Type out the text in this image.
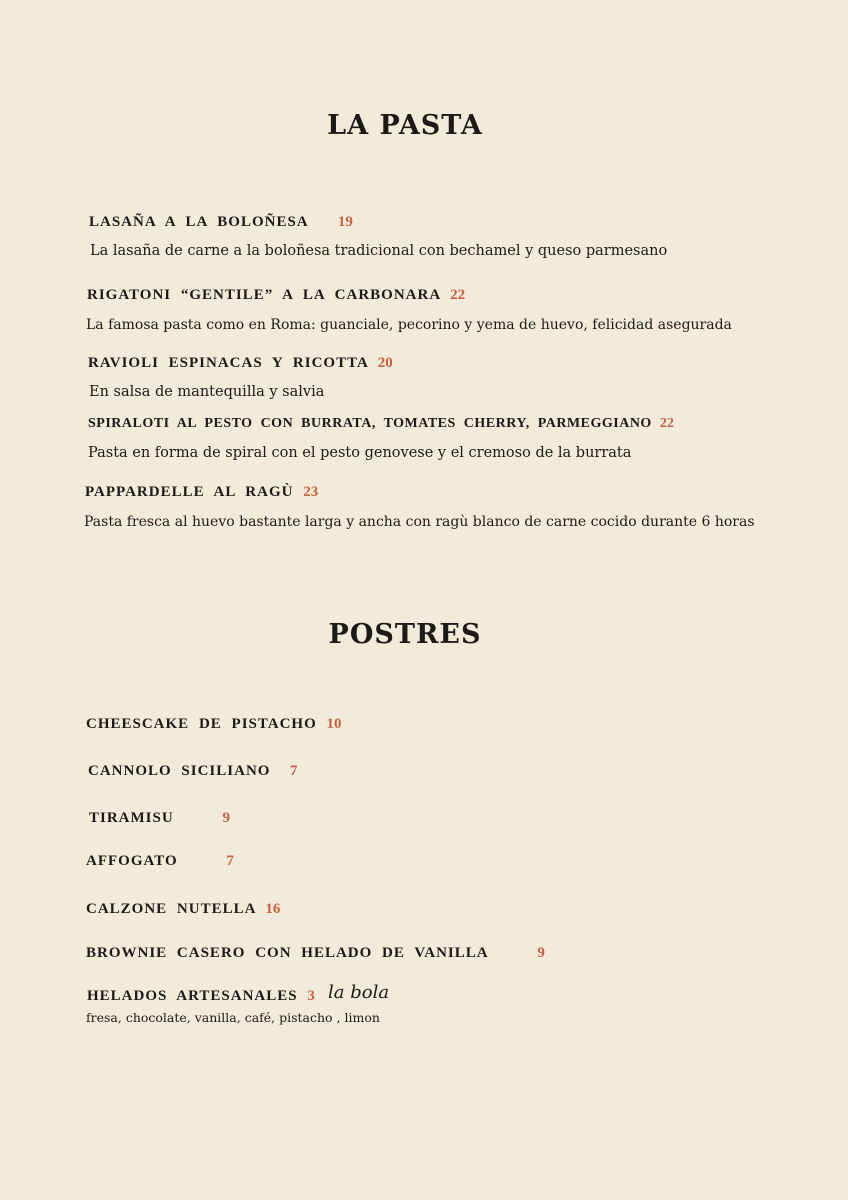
LA PASTA
LASAÑA A LA BOLOÑESA 19
La lasaña de carne a la boloñesa tradicional con bechamel y queso parmesano
RIGATONI “GENTILE” A LA CARBONARA 22
La famosa pasta como en Roma: guanciale, pecorino y yema de huevo, felicidad asegurada
RAVIOLI ESPINACAS Y RICOTTA 20
En salsa de mantequilla y salvia
SPIRALOTI AL PESTO CON BURRATA, TOMATES CHERRY, PARMEGGIANO 22
Pasta en forma de spiral con el pesto genovese y el cremoso de la burrata
PAPPARDELLE AL RAGÙ 23
Pasta fresca al huevo bastante larga y ancha con ragù blanco de carne cocido durante 6 horas
POSTRES
CHEESCAKE DE PISTACHO 10
CANNOLO SICILIANO 7
TIRAMISU	9
AFFOGATO	7
CALZONE NUTELLA 16
BROWNIE CASERO CON HELADO DE VANILLA	9
HELADOS ARTESANALES 3 la bola
fresa, chocolate, vanilla, café, pistacho , limon
